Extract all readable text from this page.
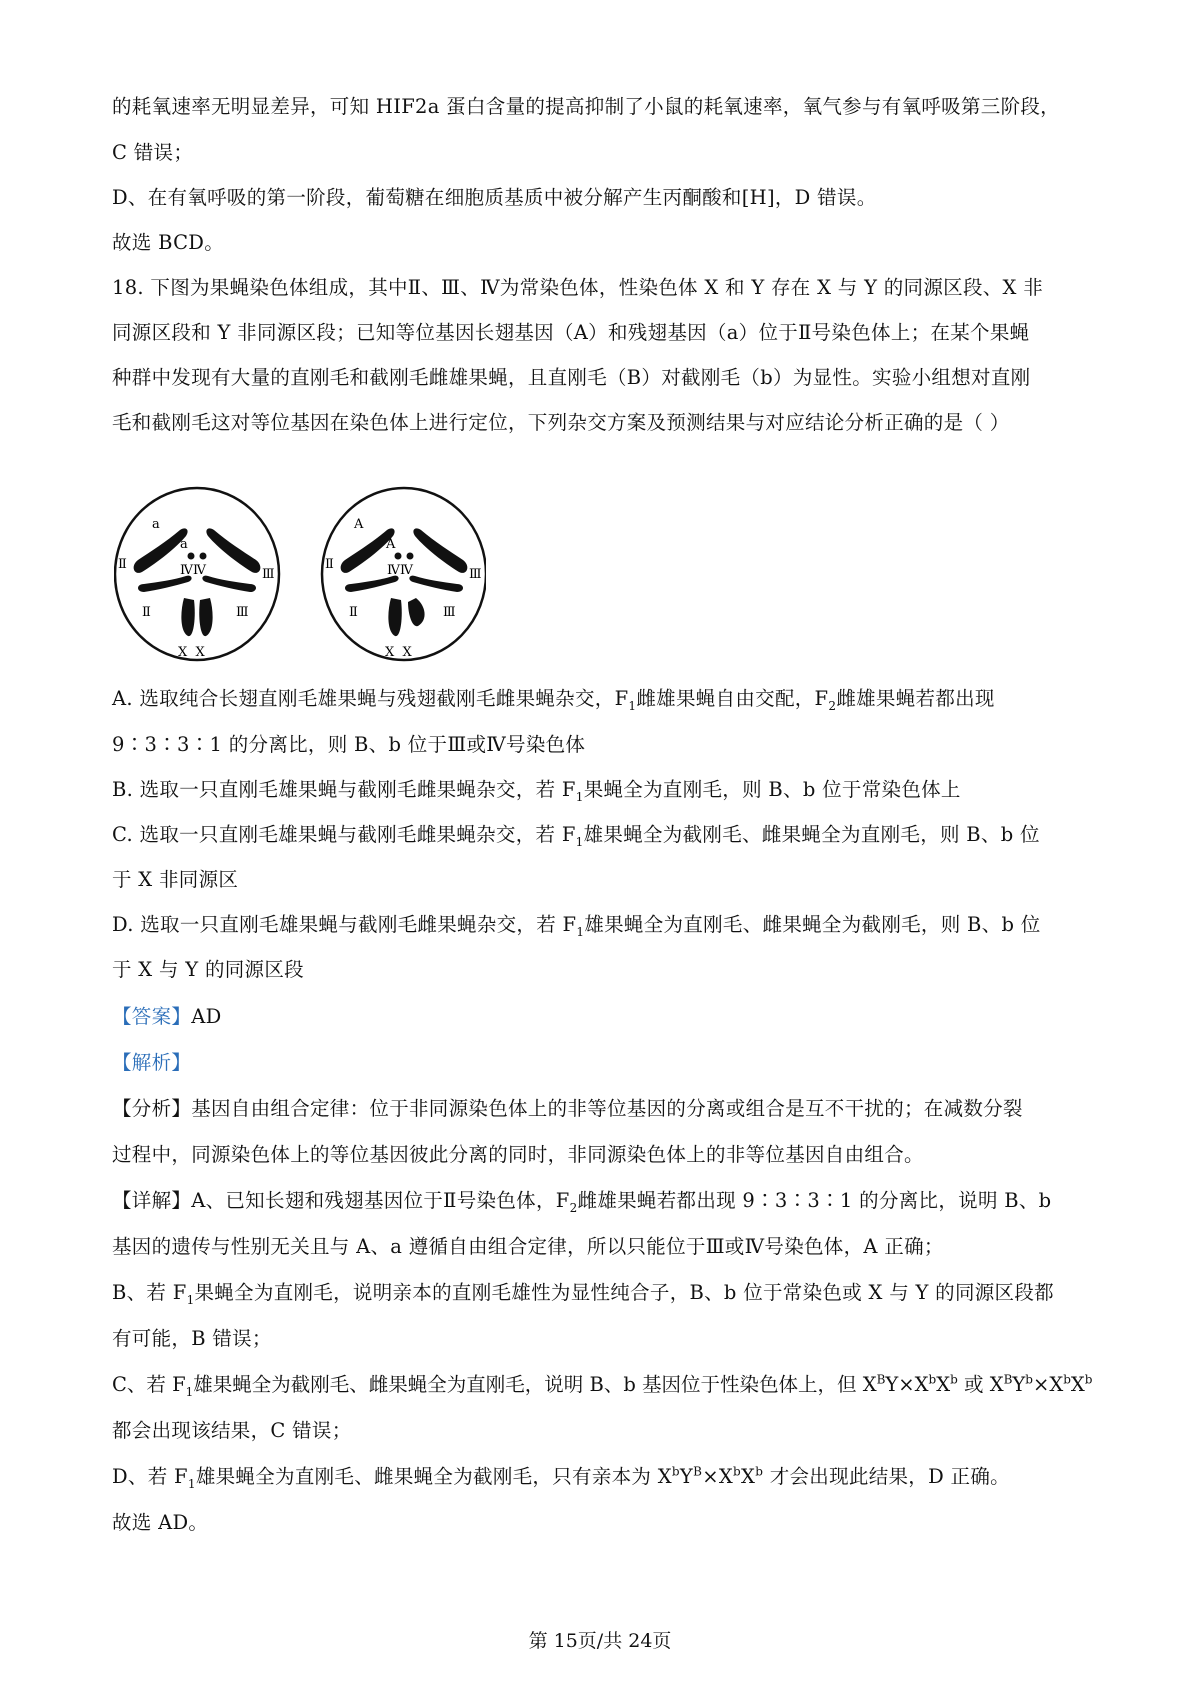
的耗氧速率无明显差异，可知 HIF2a 蛋白含量的提高抑制了小鼠的耗氧速率，氧气参与有氧呼吸第三阶段，
C 错误；
D、在有氧呼吸的第一阶段，葡萄糖在细胞质基质中被分解产生丙酮酸和[H]，D 错误。
故选 BCD。
18. 下图为果蝇染色体组成，其中Ⅱ、Ⅲ、Ⅳ为常染色体，性染色体 X 和 Y 存在 X 与 Y 的同源区段、X 非
同源区段和 Y 非同源区段；已知等位基因长翅基因（A）和残翅基因（a）位于Ⅱ号染色体上；在某个果蝇
种群中发现有大量的直刚毛和截刚毛雌雄果蝇，且直刚毛（B）对截刚毛（b）为显性。实验小组想对直刚
毛和截刚毛这对等位基因在染色体上进行定位，下列杂交方案及预测结果与对应结论分析正确的是（ ）
a
a
Ⅱ
Ⅱ
ⅣⅣ	Ⅲ
Ⅲ
X  X
A
A
Ⅱ
Ⅱ
ⅣⅣ	Ⅲ
Ⅲ
X  X
A. 选取纯合长翅直刚毛雄果蝇与残翅截刚毛雌果蝇杂交，$F_1$雌雄果蝇自由交配，$F_2$雌雄果蝇若都出现
9∶3∶3∶1 的分离比，则 B、b 位于Ⅲ或Ⅳ号染色体
B. 选取一只直刚毛雄果蝇与截刚毛雌果蝇杂交，若 $F_1$果蝇全为直刚毛，则 B、b 位于常染色体上
C. 选取一只直刚毛雄果蝇与截刚毛雌果蝇杂交，若 $F_1$雄果蝇全为截刚毛、雌果蝇全为直刚毛，则 B、b 位
于 X 非同源区
D. 选取一只直刚毛雄果蝇与截刚毛雌果蝇杂交，若 $F_1$雄果蝇全为直刚毛、雌果蝇全为截刚毛，则 B、b 位
于 X 与 Y 的同源区段
【答案】AD
【解析】
【分析】基因自由组合定律：位于非同源染色体上的非等位基因的分离或组合是互不干扰的；在减数分裂
过程中，同源染色体上的等位基因彼此分离的同时，非同源染色体上的非等位基因自由组合。
【详解】A、已知长翅和残翅基因位于Ⅱ号染色体，$F_2$雌雄果蝇若都出现 9∶3∶3∶1 的分离比，说明 B、b
基因的遗传与性别无关且与 A、a 遵循自由组合定律，所以只能位于Ⅲ或Ⅳ号染色体，A 正确；
B、若 $F_1$果蝇全为直刚毛，说明亲本的直刚毛雄性为显性纯合子，B、b 位于常染色或 X 与 Y 的同源区段都
有可能，B 错误；
C、若 $F_1$雄果蝇全为截刚毛、雌果蝇全为直刚毛，说明 B、b 基因位于性染色体上，但 $X^BY\times X^bX^b$ 或 $X^BY^b\times X^bX^b$
都会出现该结果，C 错误；
D、若 $F_1$雄果蝇全为直刚毛、雌果蝇全为截刚毛，只有亲本为 $X^bY^B\times X^bX^b$ 才会出现此结果，D 正确。
故选 AD。
第 15页/共 24页
